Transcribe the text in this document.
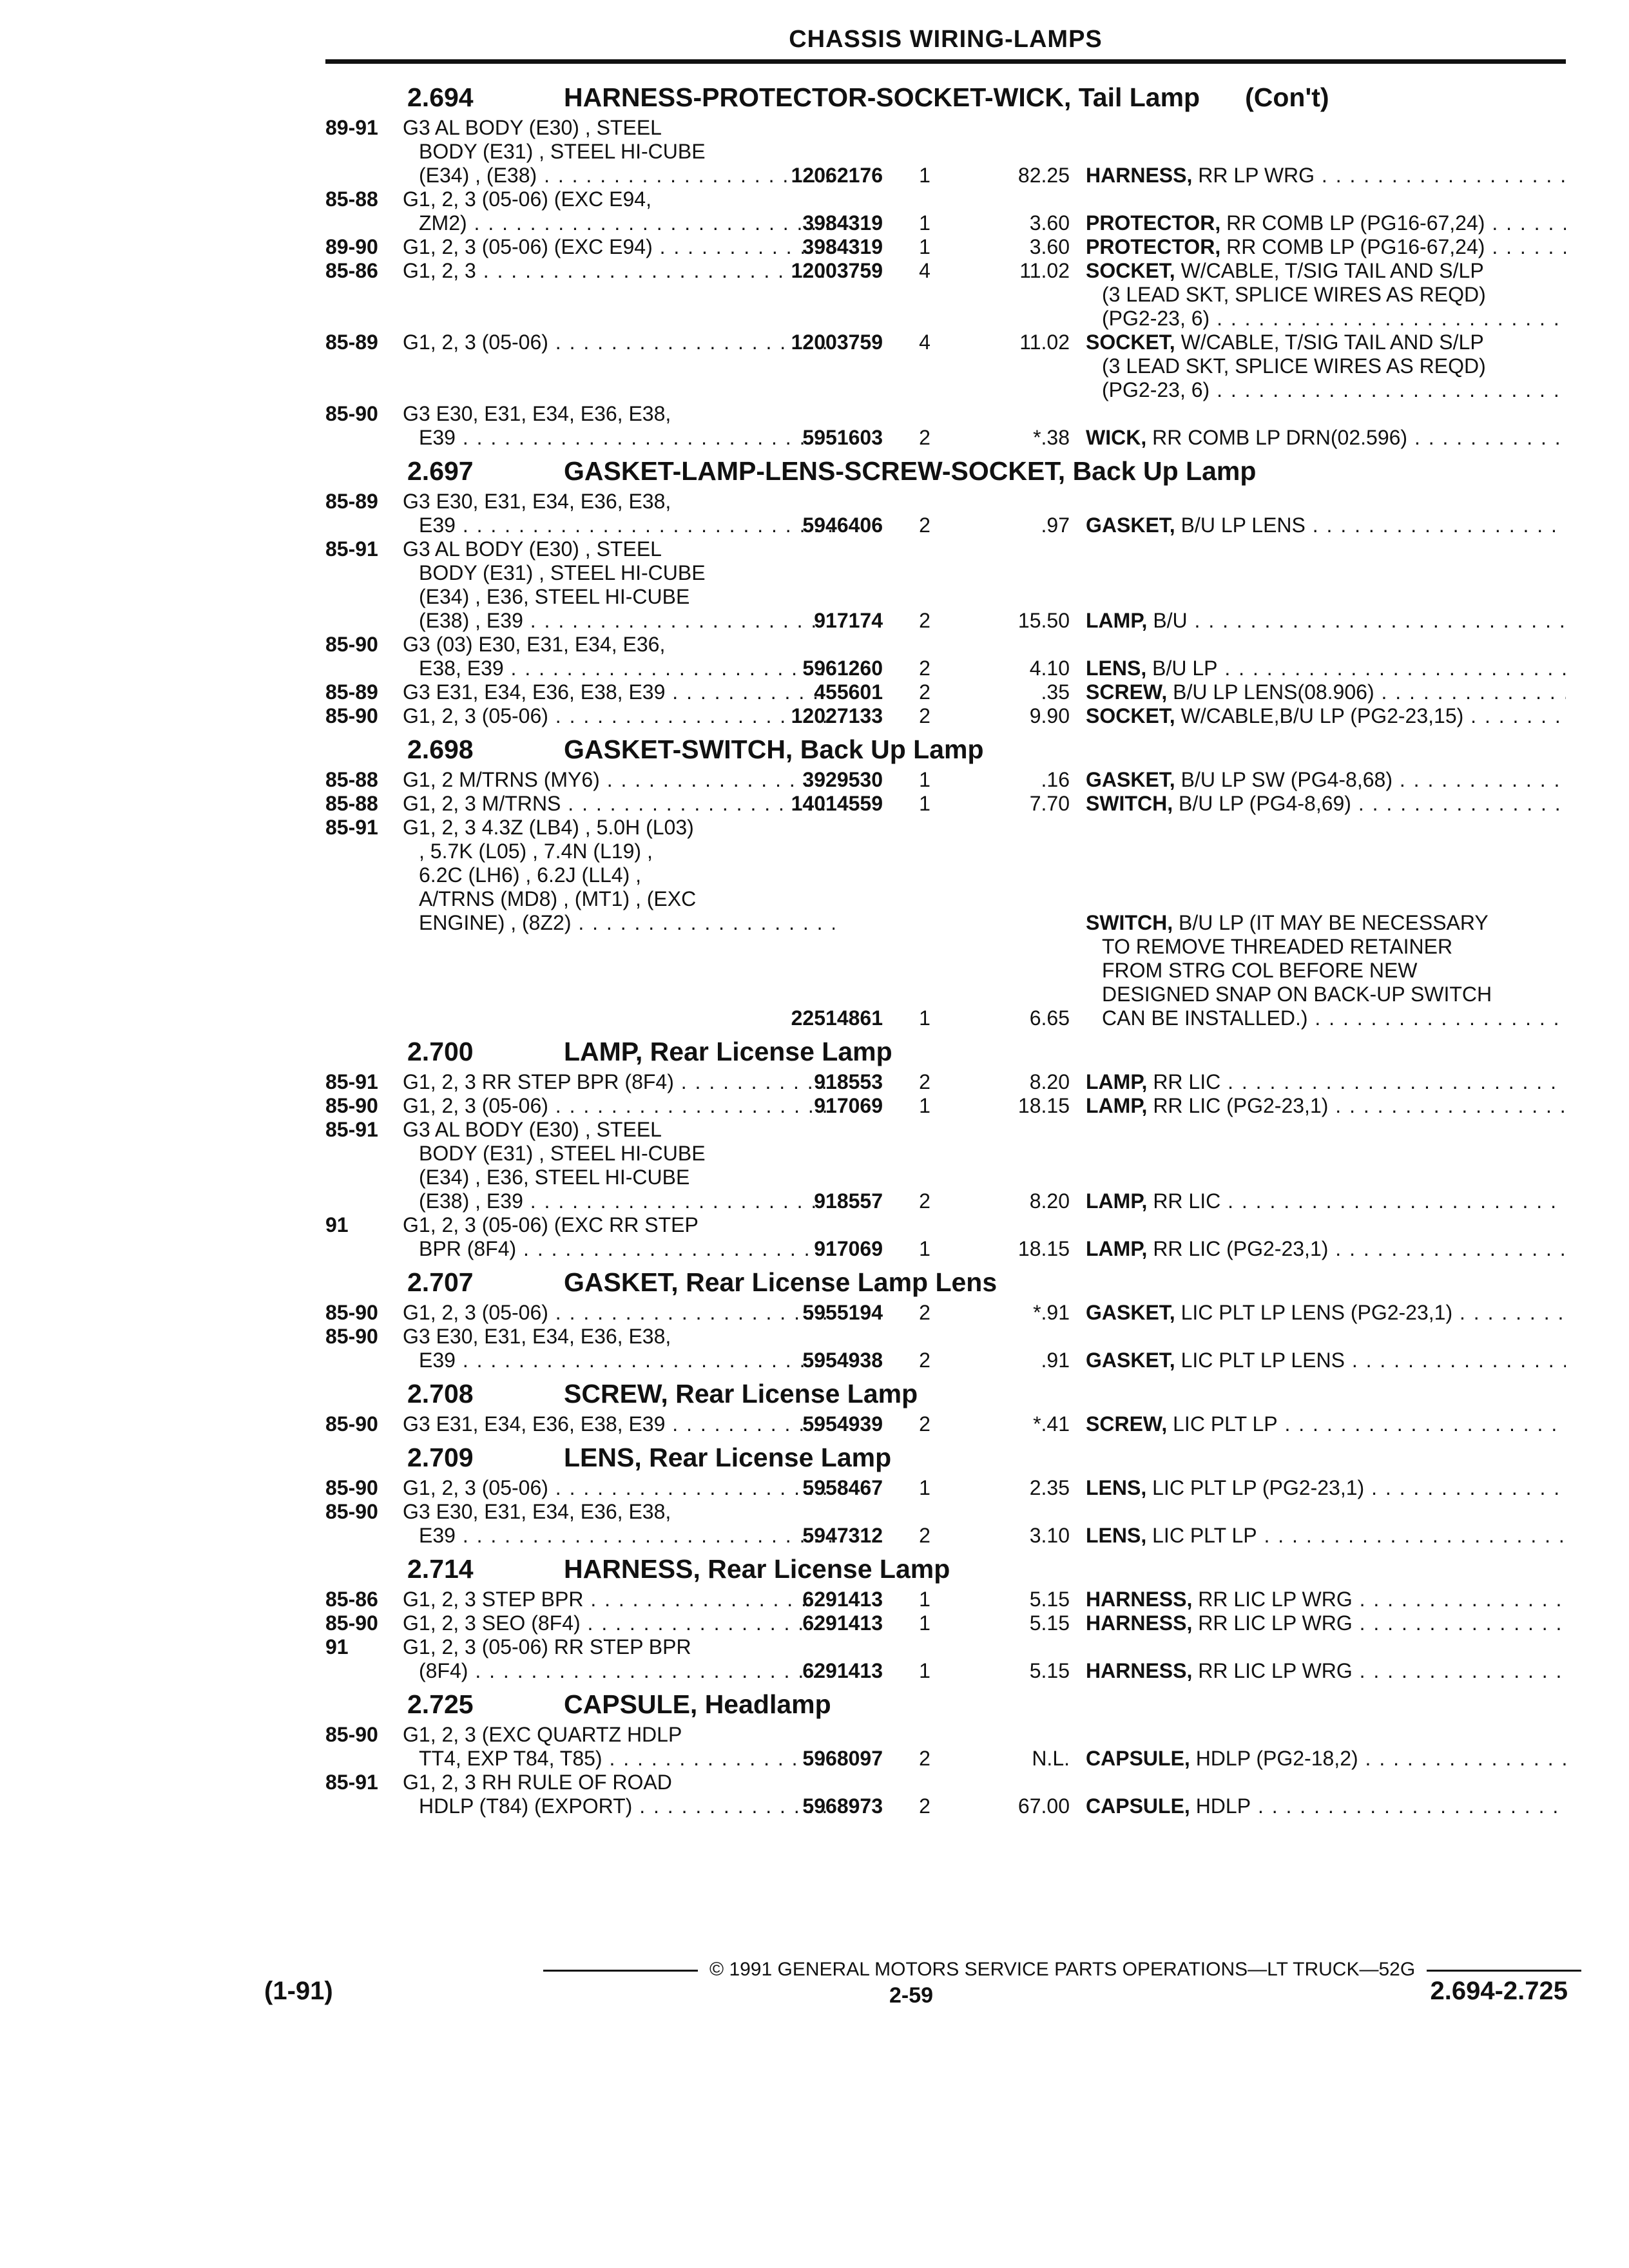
CHASSIS WIRING-LAMPS
2.694	HARNESS-PROTECTOR-SOCKET-WICK, Tail Lamp (Con't)
89-91 G3 AL BODY (E30) , STEEL
BODY (E31) , STEEL HI-CUBE
(E34) , (E38) . . .	12062176	1	82.25 HARNESS, RR LP WRG . . .
85-88 G1, 2, 3 (05-06) (EXC E94,
ZM2) . . .	3984319	1	3.60 PROTECTOR, RR COMB LP (PG16-67,24) . . .
89-90 G1, 2, 3 (05-06) (EXC E94) . . .	3984319	1	3.60 PROTECTOR, RR COMB LP (PG16-67,24) . . .
85-86 G1, 2, 3 . . .	12003759	4	11.02 SOCKET, W/CABLE, T/SIG TAIL AND S/LP
(3 LEAD SKT, SPLICE WIRES AS REQD)
(PG2-23, 6) . . .
85-89 G1, 2, 3 (05-06) . . .	12003759	4	11.02 SOCKET, W/CABLE, T/SIG TAIL AND S/LP
(3 LEAD SKT, SPLICE WIRES AS REQD)
(PG2-23, 6) . . .
85-90 G3 E30, E31, E34, E36, E38,
E39 . . .	5951603	2	*.38 WICK, RR COMB LP DRN(02.596) . . .
2.697	GASKET-LAMP-LENS-SCREW-SOCKET, Back Up Lamp
85-89 G3 E30, E31, E34, E36, E38,
E39 . . .	5946406	2	.97 GASKET, B/U LP LENS . . .
85-91 G3 AL BODY (E30) , STEEL
BODY (E31) , STEEL HI-CUBE
(E34) , E36, STEEL HI-CUBE
(E38) , E39 . . .	917174	2	15.50 LAMP, B/U . . .
85-90 G3 (03) E30, E31, E34, E36,
E38, E39 . . .	5961260	2	4.10 LENS, B/U LP . . .
85-89 G3 E31, E34, E36, E38, E39 . . .	455601	2	.35 SCREW, B/U LP LENS(08.906) . . .
85-90 G1, 2, 3 (05-06) . . .	12027133	2	9.90 SOCKET, W/CABLE,B/U LP (PG2-23,15) . . .
2.698	GASKET-SWITCH, Back Up Lamp
85-88 G1, 2 M/TRNS (MY6) . . .	3929530	1	.16 GASKET, B/U LP SW (PG4-8,68) . . .
85-88 G1, 2, 3 M/TRNS . . .	14014559	1	7.70 SWITCH, B/U LP (PG4-8,69) . . .
85-91 G1, 2, 3 4.3Z (LB4) , 5.0H (L03)
, 5.7K (L05) , 7.4N (L19) ,
6.2C (LH6) , 6.2J (LL4) ,
A/TRNS (MD8) , (MT1) , (EXC
ENGINE) , (8Z2) . . .
22514861	1	6.65
SWITCH, B/U LP (IT MAY BE NECESSARY
TO REMOVE THREADED RETAINER
FROM STRG COL BEFORE NEW
DESIGNED SNAP ON BACK-UP SWITCH
CAN BE INSTALLED.) . . .
2.700	LAMP, Rear License Lamp
85-91 G1, 2, 3 RR STEP BPR (8F4) . . .	918553	2	8.20 LAMP, RR LIC . . .
85-90 G1, 2, 3 (05-06) . . .	917069	1	18.15 LAMP, RR LIC (PG2-23,1) . . .
85-91 G3 AL BODY (E30) , STEEL
BODY (E31) , STEEL HI-CUBE
(E34) , E36, STEEL HI-CUBE
(E38) , E39 . . .	918557	2	8.20 LAMP, RR LIC . . .
91	G1, 2, 3 (05-06) (EXC RR STEP
BPR (8F4) . . .	917069	1	18.15 LAMP, RR LIC (PG2-23,1) . . .
2.707	GASKET, Rear License Lamp Lens
85-90 G1, 2, 3 (05-06) . . .	5955194	2	*.91 GASKET, LIC PLT LP LENS (PG2-23,1) . . .
85-90 G3 E30, E31, E34, E36, E38,
E39 . . .	5954938	2	.91 GASKET, LIC PLT LP LENS . . .
2.708	SCREW, Rear License Lamp
85-90 G3 E31, E34, E36, E38, E39 . . .	5954939	2	*.41 SCREW, LIC PLT LP . . .
2.709	LENS, Rear License Lamp
85-90 G1, 2, 3 (05-06) . . .	5958467	1	2.35 LENS, LIC PLT LP (PG2-23,1) . . .
85-90 G3 E30, E31, E34, E36, E38,
E39 . . .	5947312	2	3.10 LENS, LIC PLT LP . . .
2.714	HARNESS, Rear License Lamp
85-86 G1, 2, 3 STEP BPR . . .	6291413	1	5.15 HARNESS, RR LIC LP WRG . . .
85-90 G1, 2, 3 SEO (8F4) . . .	6291413	1	5.15 HARNESS, RR LIC LP WRG . . .
91	G1, 2, 3 (05-06) RR STEP BPR
(8F4) . . .	6291413	1	5.15 HARNESS, RR LIC LP WRG . . .
2.725	CAPSULE, Headlamp
85-90 G1, 2, 3 (EXC QUARTZ HDLP
TT4, EXP T84, T85) . . .	5968097	2	N.L. CAPSULE, HDLP (PG2-18,2) . . .
85-91 G1, 2, 3 RH RULE OF ROAD
HDLP (T84) (EXPORT) . . .	5968973	2	67.00 CAPSULE, HDLP . . .
© 1991 GENERAL MOTORS SERVICE PARTS OPERATIONS—LT TRUCK—52G
(1-91)	2-59	2.694-2.725
